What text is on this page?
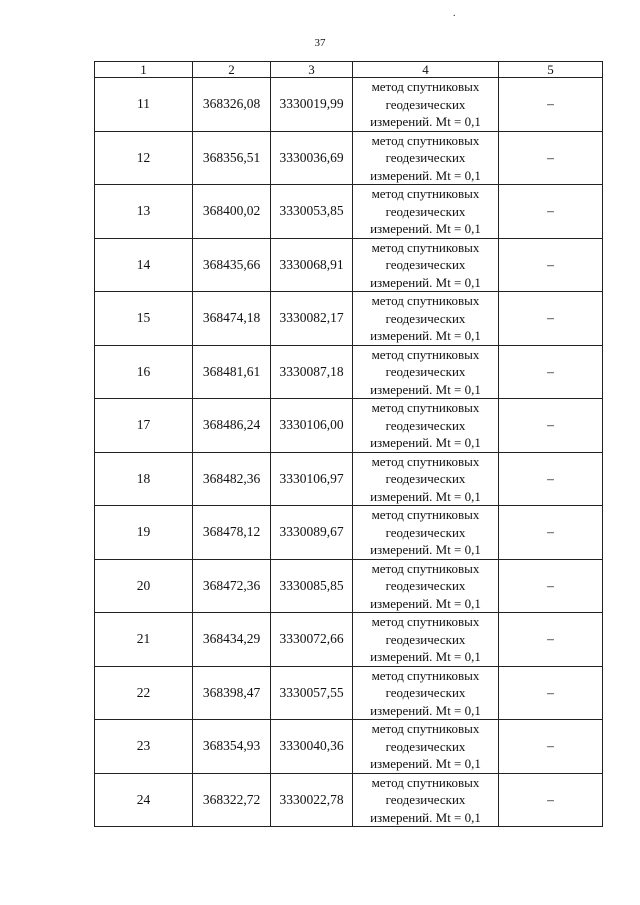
.
37
1	2	3	4	5
11	368326,08	3330019,99	метод спутниковых
геодезических
измерений. Mt = 0,1	–
12	368356,51	3330036,69	метод спутниковых
геодезических
измерений. Mt = 0,1	–
13	368400,02	3330053,85	метод спутниковых
геодезических
измерений. Mt = 0,1	–
14	368435,66	3330068,91	метод спутниковых
геодезических
измерений. Mt = 0,1	–
15	368474,18	3330082,17	метод спутниковых
геодезических
измерений. Mt = 0,1	–
16	368481,61	3330087,18	метод спутниковых
геодезических
измерений. Mt = 0,1	–
17	368486,24	3330106,00	метод спутниковых
геодезических
измерений. Mt = 0,1	–
18	368482,36	3330106,97	метод спутниковых
геодезических
измерений. Mt = 0,1	–
19	368478,12	3330089,67	метод спутниковых
геодезических
измерений. Mt = 0,1	–
20	368472,36	3330085,85	метод спутниковых
геодезических
измерений. Mt = 0,1	–
21	368434,29	3330072,66	метод спутниковых
геодезических
измерений. Mt = 0,1	–
22	368398,47	3330057,55	метод спутниковых
геодезических
измерений. Mt = 0,1	–
23	368354,93	3330040,36	метод спутниковых
геодезических
измерений. Mt = 0,1	–
24	368322,72	3330022,78	метод спутниковых
геодезических
измерений. Mt = 0,1	–
